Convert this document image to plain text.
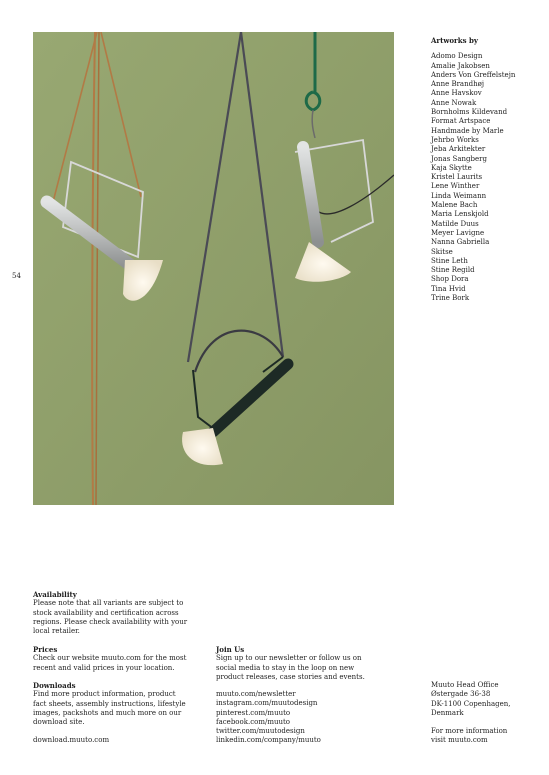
54
Artworks by
Adomo Design
Amalie Jakobsen
Anders Von Greffelstejn
Anne Brandhøj
Anne Havskov
Anne Nowak
Bornholms Kildevand
Format Artspace
Handmade by Marle
Jehrbo Works
Jeba Arkitekter
Jonas Sangberg
Kaja Skytte
Kristel Laurits
Lene Winther
Linda Weimann
Malene Bach
Maria Lenskjold
Matilde Duus
Meyer Lavigne
Nanna Gabriella
Skitse
Stine Leth
Stine Regild
Shop Dora
Tina Hvid
Trine Bork
Availability

Please note that all variants are subject to

stock availability and certification across

regions. Please check availability with your

local retailer.

Prices

Check our website muuto.com for the most

recent and valid prices in your location.

Downloads

Find more product information, product

fact sheets, assembly instructions, lifestyle

images, packshots and much more on our

download site.

download.muuto.com
Join Us

Sign up to our newsletter or follow us on

social media to stay in the loop on new

product releases, case stories and events.

muuto.com/newsletter
instagram.com/muutodesign
pinterest.com/muuto
facebook.com/muuto
twitter.com/muutodesign
linkedin.com/company/muuto

Muuto Head Office

Østergade 36-38

DK-1100 Copenhagen,

Denmark

For more information

visit muuto.com
